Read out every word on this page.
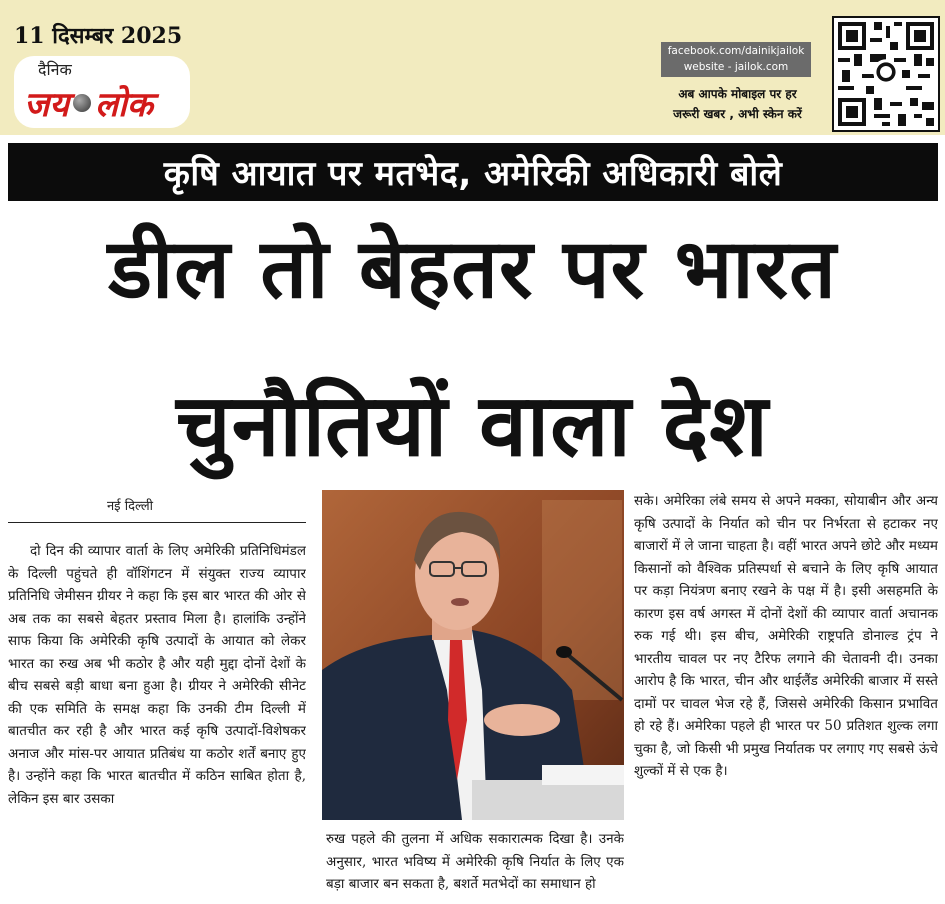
11 दिसम्बर 2025
दैनिक
जय लोक
facebook.com/dainikjailok
website - jailok.com
अब आपके मोबाइल पर हर
जरूरी खबर , अभी स्केन करें
कृषि आयात पर मतभेद, अमेरिकी अधिकारी बोले
डील तो बेहतर पर भारत
चुनौतियों वाला देश
नई दिल्ली
दो दिन की व्यापार वार्ता के लिए अमेरिकी प्रतिनिधिमंडल के दिल्ली पहुंचते ही वॉशिंगटन में संयुक्त राज्य व्यापार प्रतिनिधि जेमीसन ग्रीयर ने कहा कि इस बार भारत की ओर से अब तक का सबसे बेहतर प्रस्ताव मिला है। हालांकि उन्होंने साफ किया कि अमेरिकी कृषि उत्पादों के आयात को लेकर भारत का रुख अब भी कठोर है और यही मुद्दा दोनों देशों के बीच सबसे बड़ी बाधा बना हुआ है। ग्रीयर ने अमेरिकी सीनेट की एक समिति के समक्ष कहा कि उनकी टीम दिल्ली में बातचीत कर रही है और भारत कई कृषि उत्पादों-विशेषकर अनाज और मांस-पर आयात प्रतिबंध या कठोर शर्तें बनाए हुए है। उन्होंने कहा कि भारत बातचीत में कठिन साबित होता है, लेकिन इस बार उसका
रुख पहले की तुलना में अधिक सकारात्मक दिखा है। उनके अनुसार, भारत भविष्य में अमेरिकी कृषि निर्यात के लिए एक बड़ा बाजार बन सकता है, बशर्ते मतभेदों का समाधान हो
सके। अमेरिका लंबे समय से अपने मक्का, सोयाबीन और अन्य कृषि उत्पादों के निर्यात को चीन पर निर्भरता से हटाकर नए बाजारों में ले जाना चाहता है। वहीं भारत अपने छोटे और मध्यम किसानों को वैश्विक प्रतिस्पर्धा से बचाने के लिए कृषि आयात पर कड़ा नियंत्रण बनाए रखने के पक्ष में है। इसी असहमति के कारण इस वर्ष अगस्त में दोनों देशों की व्यापार वार्ता अचानक रुक गई थी। इस बीच, अमेरिकी राष्ट्रपति डोनाल्ड ट्रंप ने भारतीय चावल पर नए टैरिफ लगाने की चेतावनी दी। उनका आरोप है कि भारत, चीन और थाईलैंड अमेरिकी बाजार में सस्ते दामों पर चावल भेज रहे हैं, जिससे अमेरिकी किसान प्रभावित हो रहे हैं। अमेरिका पहले ही भारत पर 50 प्रतिशत शुल्क लगा चुका है, जो किसी भी प्रमुख निर्यातक पर लगाए गए सबसे ऊंचे शुल्कों में से एक है।
